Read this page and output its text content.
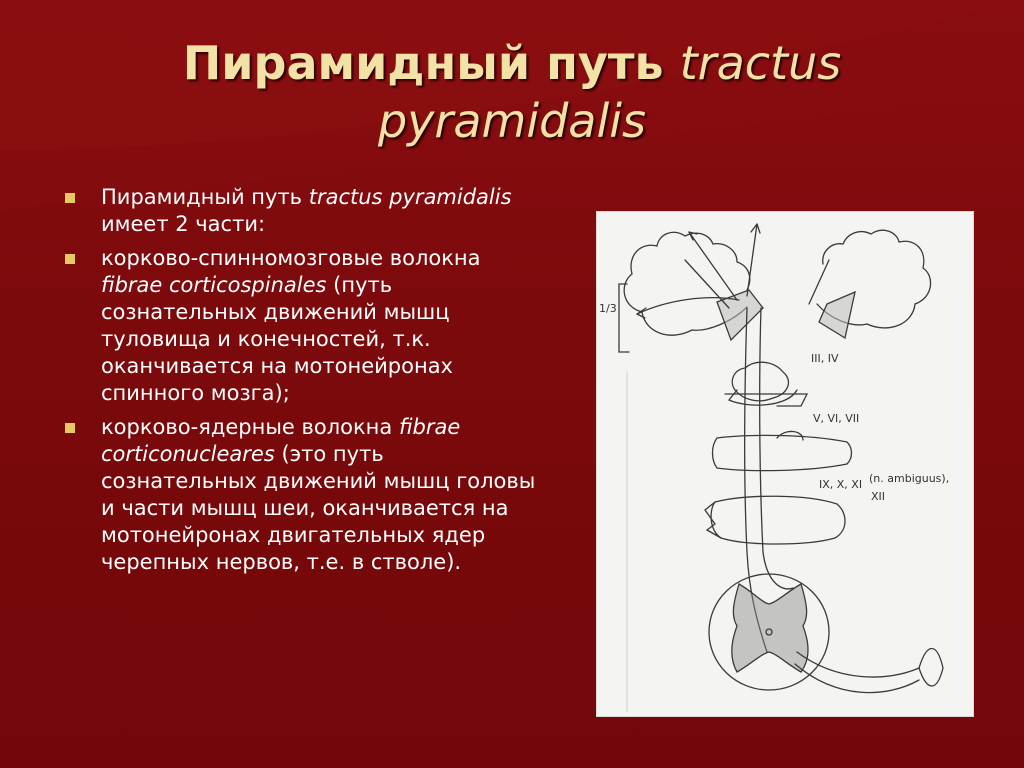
Пирамидный путь tractus
pyramidalis
Пирамидный путь tractus pyramidalis имеет 2 части:
корково-спинномозговые волокна fibrae corticospinales (путь сознательных движений мышц туловища и конечностей, т.к. оканчивается на мотонейронах спинного мозга);
корково-ядерные волокна fibrae corticonucleares (это путь сознательных движений мышц головы и части мышц шеи, оканчивается на мотонейронах двигательных ядер черепных нервов, т.е. в стволе).
1/3
III, IV
V, VI, VII
IX, X, XI (n. ambiguus),
XII
